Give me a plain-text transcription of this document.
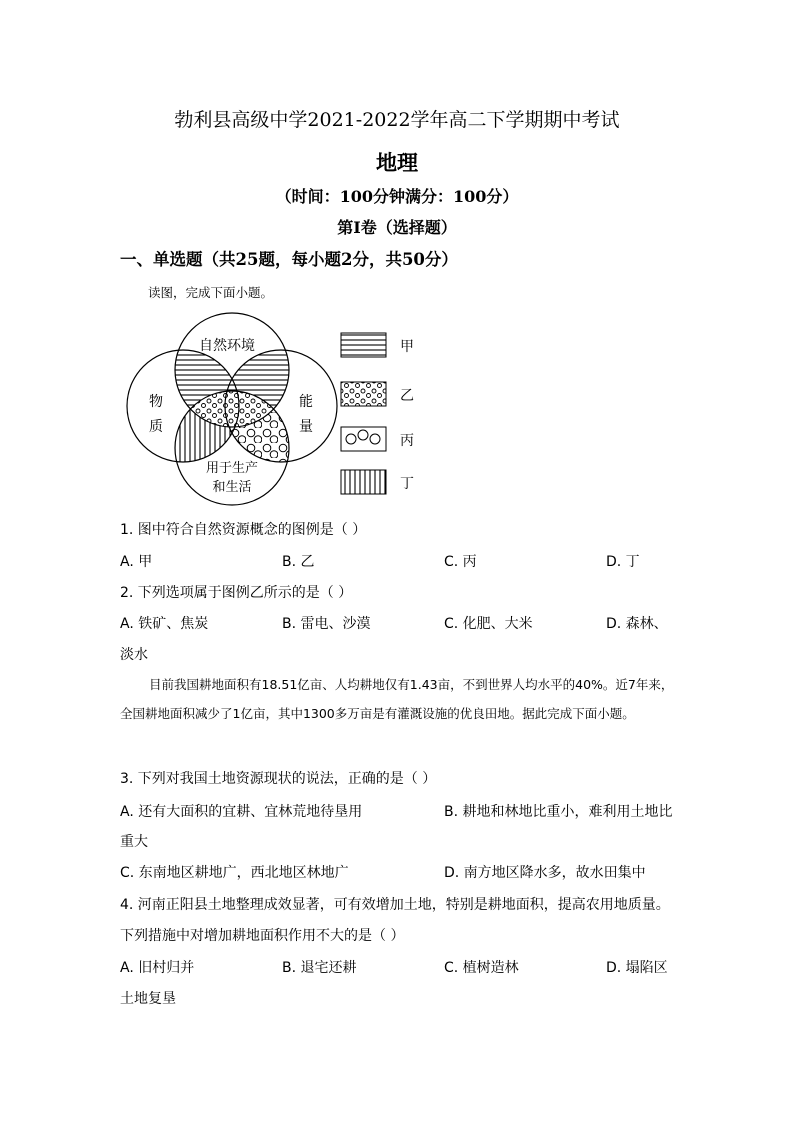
勃利县高级中学2021-2022学年高二下学期期中考试
地理
（时间：100分钟满分：100分）
第I卷（选择题）
一、单选题（共25题，每小题2分，共50分）
读图，完成下面小题。
自然环境
物
质
能
量
用于生产
和生活
甲
乙
丙
丁
1. 图中符合自然资源概念的图例是（ ）
A. 甲	B. 乙	C. 丙	D. 丁
2. 下列选项属于图例乙所示的是（ ）
A. 铁矿、焦炭	B. 雷电、沙漠	C. 化肥、大米	D. 森林、
淡水

目前我国耕地面积有18.51亿亩、人均耕地仅有1.43亩，不到世界人均水平的40%。近7年来，全国耕地面积减少了1亿亩，其中1300多万亩是有灌溉设施的优良田地。据此完成下面小题。

3. 下列对我国土地资源现状的说法，正确的是（ ）
A. 还有大面积的宜耕、宜林荒地待垦用	B. 耕地和林地比重小，难利用土地比
重大
C. 东南地区耕地广，西北地区林地广	D. 南方地区降水多，故水田集中
4. 河南正阳县土地整理成效显著，可有效增加土地，特别是耕地面积，提高农用地质量。
下列措施中对增加耕地面积作用不大的是（ ）
A. 旧村归并	B. 退宅还耕	C. 植树造林	D. 塌陷区
土地复垦
